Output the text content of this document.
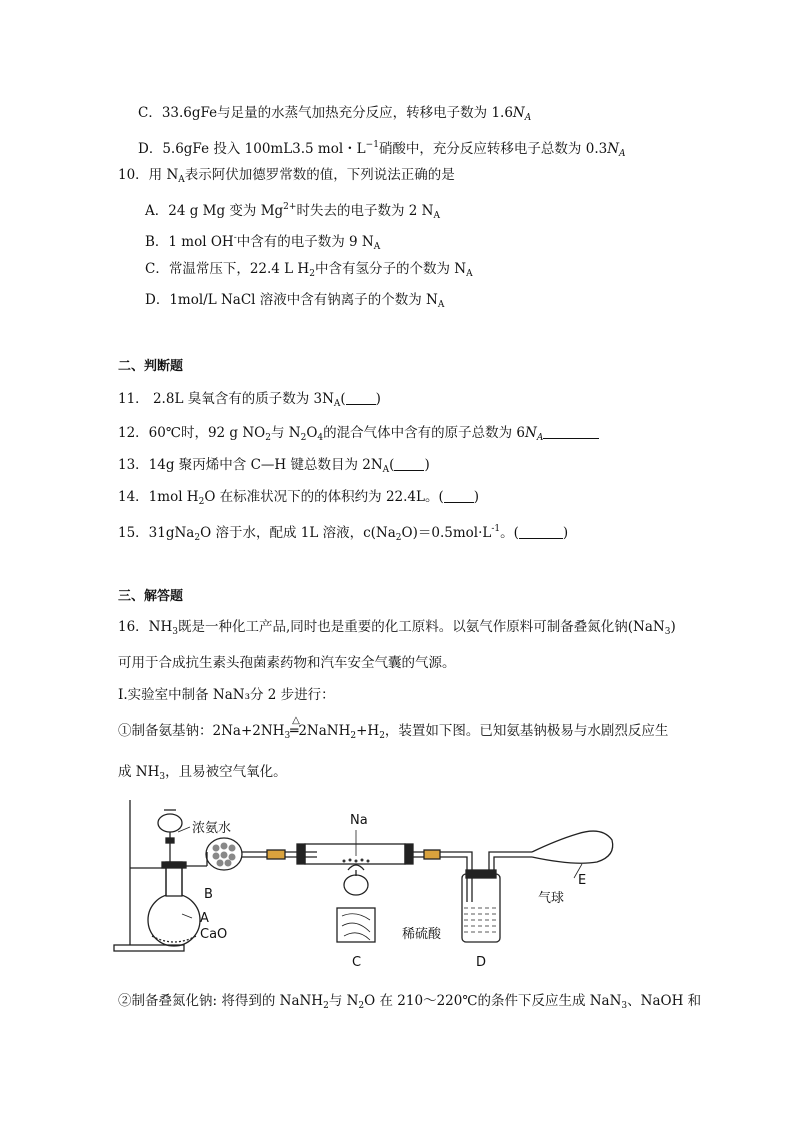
C．33.6gFe与足量的水蒸气加热充分反应，转移电子数为 $1.6N_A$
D．5.6gFe 投入 100mL3.5 mol・$L^{-1}$硝酸中，充分反应转移电子总数为 $0.3N_A$
10．用 $N_A$表示阿伏加德罗常数的值，下列说法正确的是
A．24 g Mg 变为 $Mg^{2+}$时失去的电子数为 2 $N_A$
B．1 mol OH-中含有的电子数为 9 $N_A$
C．常温常压下，22.4 L $H_2$中含有氢分子的个数为 $N_A$
D．1mol/L NaCl 溶液中含有钠离子的个数为 $N_A$
二、判断题
11． 2.8L 臭氧含有的质子数为 $3N_A$( )
12．60℃时，92 g $NO_2$与 $N_2O_4$的混合气体中含有的原子总数为 $6N_A$
13．14g 聚丙烯中含 C—H 键总数目为 $2N_A$( )
14．1mol $H_2O$ 在标准状况下的的体积约为 22.4L。( )
15．31gNa$_2$O 溶于水，配成 1L 溶液，$c(Na_2O)=0.5mol\cdot L^{-1}$。(	)
三、解答题
16．$NH_3$既是一种化工产品,同时也是重要的化工原料。以氨气作原料可制备叠氮化钠(NaN$_3$)
可用于合成抗生素头孢菌素药物和汽车安全气囊的气源。
Ⅰ.实验室中制备 NaN₃分 2 步进行：
①制备氨基钠：$2Na+2NH_3$
△
$═2NaNH_2+H_2$，装置如下图。已知氨基钠极易与水剧烈反应生
成 $NH_3$，且易被空气氧化。
浓氨水
B
A
CaO
Na
C
稀硫酸
D
E
气球
②制备叠氮化钠: 将得到的 NaNH$_2$与 $N_2O$ 在 210～220℃的条件下反应生成 NaN$_3$、NaOH 和
